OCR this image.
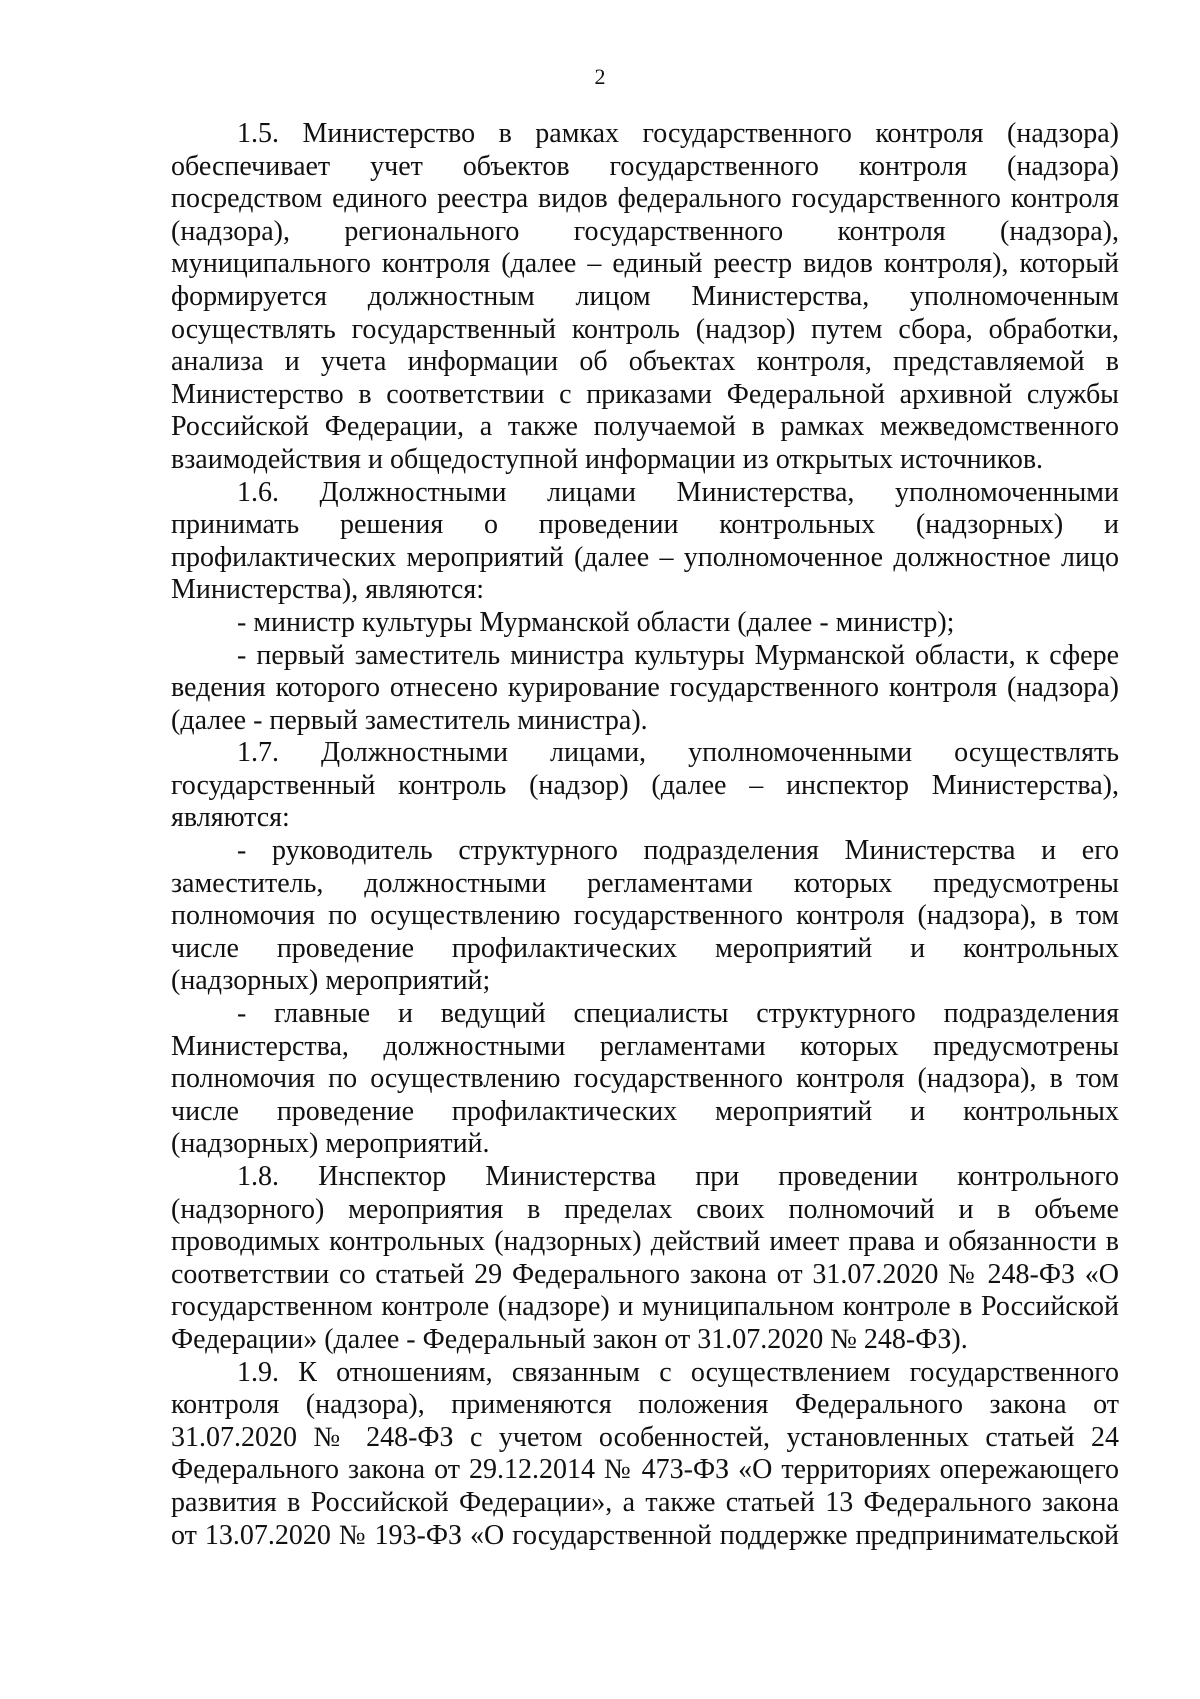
2
1.5. Министерство в рамках государственного контроля (надзора)
обеспечивает учет объектов государственного контроля (надзора)
посредством единого реестра видов федерального государственного контроля
(надзора), регионального государственного контроля (надзора),
муниципального контроля (далее – единый реестр видов контроля), который
формируется должностным лицом Министерства, уполномоченным
осуществлять государственный контроль (надзор) путем сбора, обработки,
анализа и учета информации об объектах контроля, представляемой в
Министерство в соответствии с приказами Федеральной архивной службы
Российской Федерации, а также получаемой в рамках межведомственного
взаимодействия и общедоступной информации из открытых источников.
1.6. Должностными лицами Министерства, уполномоченными
принимать решения о проведении контрольных (надзорных) и
профилактических мероприятий (далее – уполномоченное должностное лицо
Министерства), являются:
- министр культуры Мурманской области (далее - министр);
- первый заместитель министра культуры Мурманской области, к сфере
ведения которого отнесено курирование государственного контроля (надзора)
(далее - первый заместитель министра).
1.7. Должностными лицами, уполномоченными осуществлять
государственный контроль (надзор) (далее – инспектор Министерства),
являются:
- руководитель структурного подразделения Министерства и его
заместитель, должностными регламентами которых предусмотрены
полномочия по осуществлению государственного контроля (надзора), в том
числе проведение профилактических мероприятий и контрольных
(надзорных) мероприятий;
- главные и ведущий специалисты структурного подразделения
Министерства, должностными регламентами которых предусмотрены
полномочия по осуществлению государственного контроля (надзора), в том
числе проведение профилактических мероприятий и контрольных
(надзорных) мероприятий.
1.8. Инспектор Министерства при проведении контрольного
(надзорного) мероприятия в пределах своих полномочий и в объеме
проводимых контрольных (надзорных) действий имеет права и обязанности в
соответствии со статьей 29 Федерального закона от 31.07.2020 № 248-ФЗ «О
государственном контроле (надзоре) и муниципальном контроле в Российской
Федерации» (далее - Федеральный закон от 31.07.2020 № 248-ФЗ).
1.9. К отношениям, связанным с осуществлением государственного
контроля (надзора), применяются положения Федерального закона от
31.07.2020 № 248-ФЗ с учетом особенностей, установленных статьей 24
Федерального закона от 29.12.2014 № 473-ФЗ «О территориях опережающего
развития в Российской Федерации», а также статьей 13 Федерального закона
от 13.07.2020 № 193-ФЗ «О государственной поддержке предпринимательской
